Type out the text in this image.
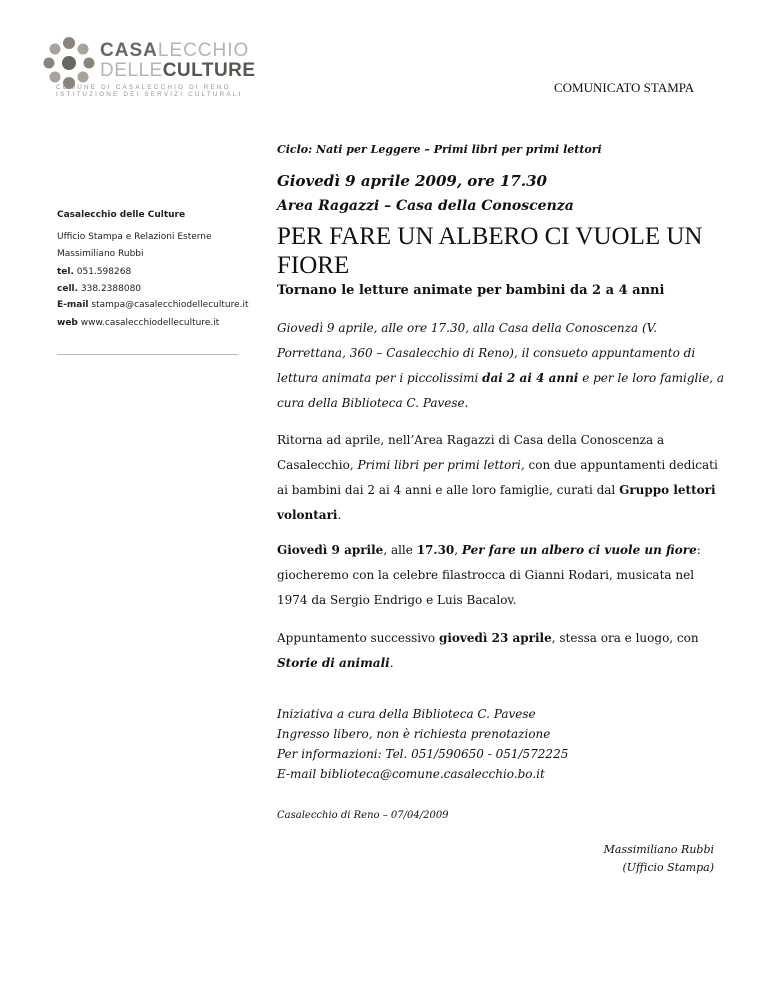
CASALECCHIO
DELLECULTURE
COMUNE DI CASALECCHIO DI RENO
ISTITUZIONE DEI SERVIZI CULTURALI	COMUNICATO STAMPA
Casalecchio delle Culture
Ufficio Stampa e Relazioni Esterne
Massimiliano Rubbi
tel. 051.598268
cell. 338.2388080
E-mail stampa@casalecchiodelleculture.it
web www.casalecchiodelleculture.it
Ciclo: Nati per Leggere – Primi libri per primi lettori
Giovedì 9 aprile 2009, ore 17.30
Area Ragazzi – Casa della Conoscenza
PER FARE UN ALBERO CI VUOLE UN FIORE
Tornano le letture animate per bambini da 2 a 4 anni
Giovedì 9 aprile, alle ore 17.30, alla Casa della Conoscenza (V. Porrettana, 360 – Casalecchio di Reno), il consueto appuntamento di lettura animata per i piccolissimi dai 2 ai 4 anni e per le loro famiglie, a cura della Biblioteca C. Pavese.
Ritorna ad aprile, nell’Area Ragazzi di Casa della Conoscenza a Casalecchio, Primi libri per primi lettori, con due appuntamenti dedicati ai bambini dai 2 ai 4 anni e alle loro famiglie, curati dal Gruppo lettori volontari.
Giovedì 9 aprile, alle 17.30, Per fare un albero ci vuole un fiore: giocheremo con la celebre filastrocca di Gianni Rodari, musicata nel 1974 da Sergio Endrigo e Luis Bacalov.
Appuntamento successivo giovedì 23 aprile, stessa ora e luogo, con Storie di animali.
Iniziativa a cura della Biblioteca C. Pavese
Ingresso libero, non è richiesta prenotazione
Per informazioni: Tel. 051/590650 - 051/572225
E-mail biblioteca@comune.casalecchio.bo.it
Casalecchio di Reno – 07/04/2009
Massimiliano Rubbi
(Ufficio Stampa)
